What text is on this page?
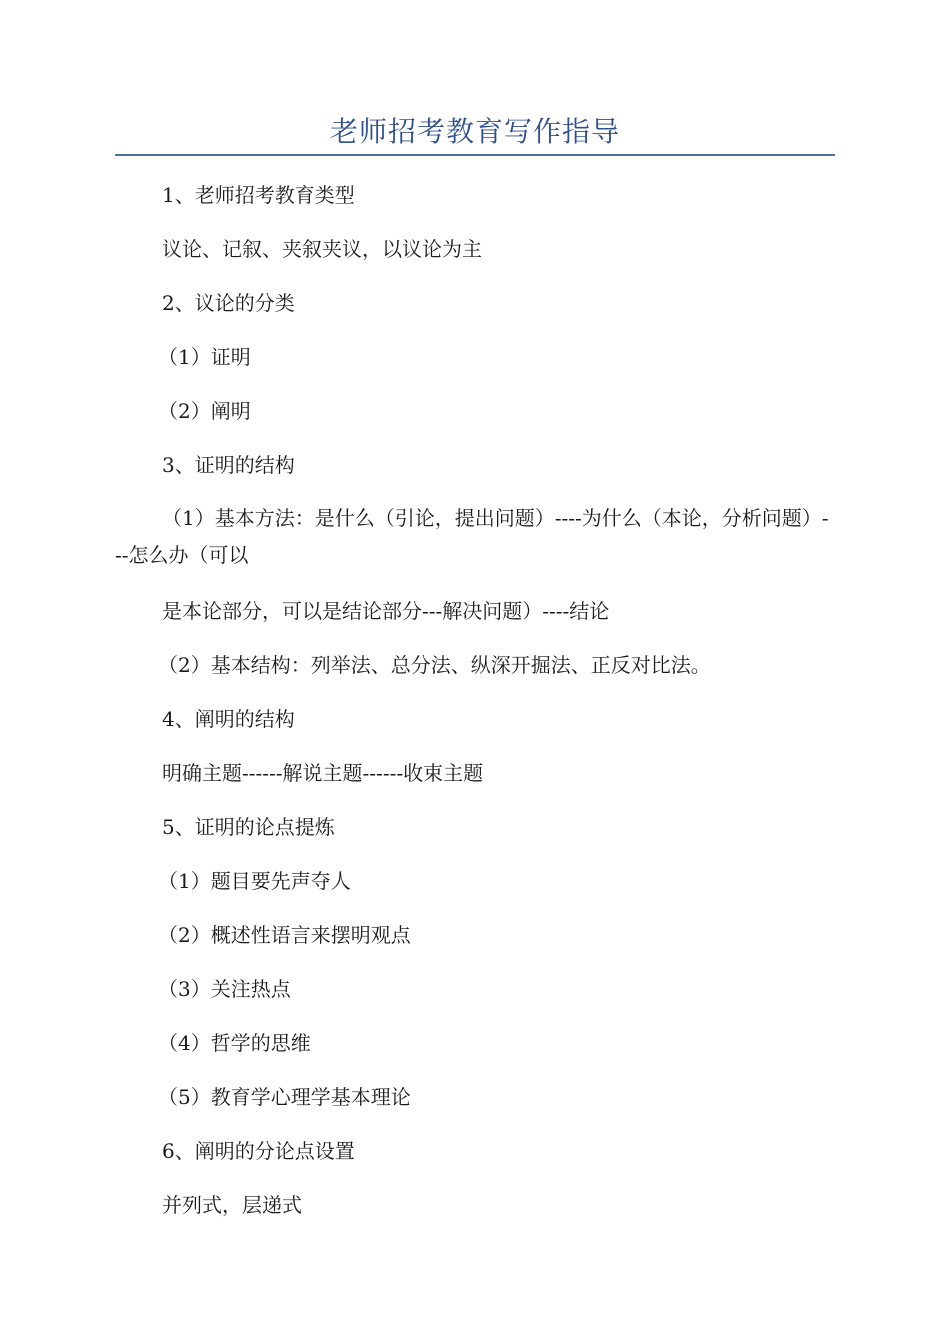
老师招考教育写作指导
1、老师招考教育类型
议论、记叙、夹叙夹议，以议论为主
2、议论的分类
（1）证明
（2）阐明
3、证明的结构
（1）基本方法：是什么（引论，提出问题）----为什么（本论，分析问题）---怎么办（可以
是本论部分，可以是结论部分---解决问题）----结论
（2）基本结构：列举法、总分法、纵深开掘法、正反对比法。
4、阐明的结构
明确主题------解说主题------收束主题
5、证明的论点提炼
（1）题目要先声夺人
（2）概述性语言来摆明观点
（3）关注热点
（4）哲学的思维
（5）教育学心理学基本理论
6、阐明的分论点设置
并列式，层递式
